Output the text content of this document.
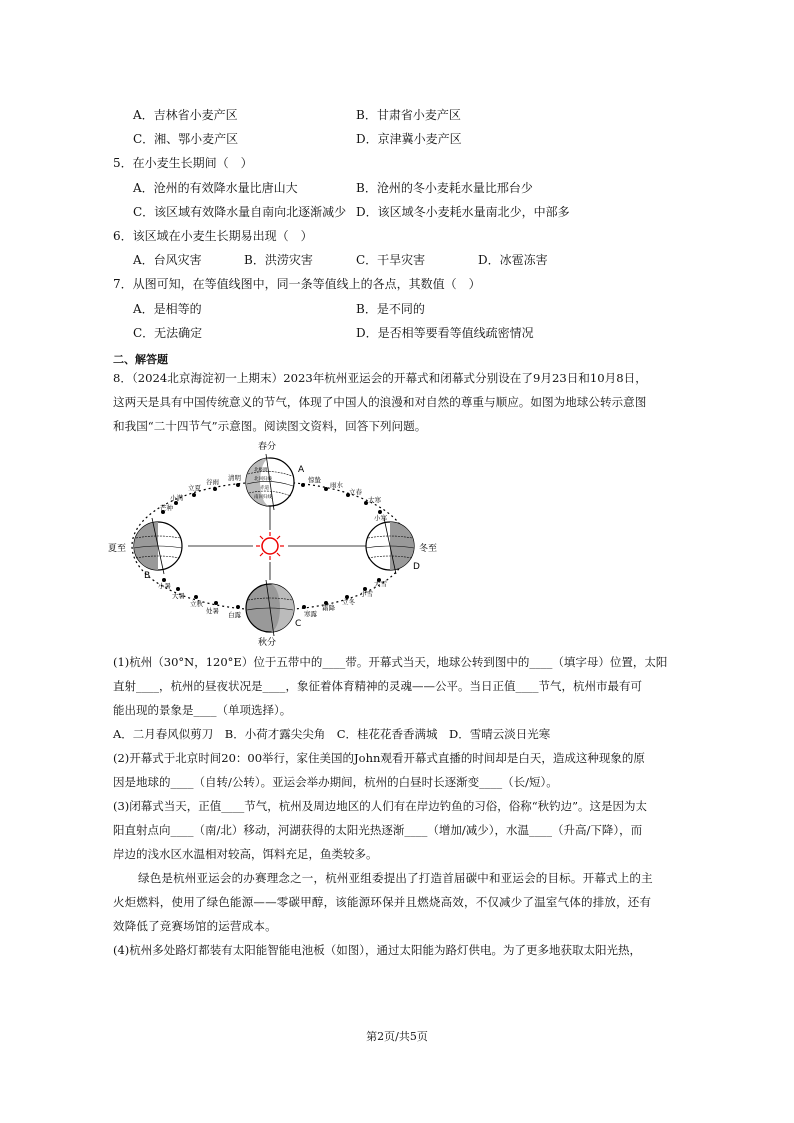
A．吉林省小麦产区	B．甘肃省小麦产区
C．湘、鄂小麦产区	D．京津冀小麦产区
5．在小麦生长期间（　）
A．沧州的有效降水量比唐山大	B．沧州的冬小麦耗水量比邢台少
C．该区域有效降水量自南向北逐渐减少 D．该区域冬小麦耗水量南北少，中部多
6．该区域在小麦生长期易出现（　）
A．台风灾害	B．洪涝灾害	C．干旱灾害	D．冰雹冻害
7．从图可知，在等值线图中，同一条等值线上的各点，其数值（　）
A．是相等的	B．是不同的
C．无法确定	D．是否相等要看等值线疏密情况
二、解答题
8．（2024北京海淀初一上期末）2023年杭州亚运会的开幕式和闭幕式分别设在了9月23日和10月8日，
这两天是具有中国传统意义的节气，体现了中国人的浪漫和对自然的尊重与顺应。如图为地球公转示意图
和我国“二十四节气”示意图。阅读图文资料，回答下列问题。
春分
A
夏至
B
冬至
D
秋分
C
北极圈
北回归线
赤道
南回归线
清明
谷雨
立夏
小满
芒种
惊蛰
雨水
立春
大寒
小寒
小暑
大暑
立秋
处暑 白露
大雪
小雪
立冬
霜降
寒露
(1)杭州（30°N，120°E）位于五带中的____带。开幕式当天，地球公转到图中的____（填字母）位置，太阳
直射____，杭州的昼夜状况是____，象征着体育精神的灵魂——公平。当日正值____节气，杭州市最有可
能出现的景象是____（单项选择）。
A．二月春风似剪刀　B．小荷才露尖尖角　C．桂花花香香满城　D．雪晴云淡日光寒
(2)开幕式于北京时间20：00举行，家住美国的John观看开幕式直播的时间却是白天，造成这种现象的原
因是地球的____（自转/公转）。亚运会举办期间，杭州的白昼时长逐渐变____（长/短）。
(3)闭幕式当天，正值____节气，杭州及周边地区的人们有在岸边钓鱼的习俗，俗称“秋钓边”。这是因为太
阳直射点向____（南/北）移动，河湖获得的太阳光热逐渐____（增加/减少），水温____（升高/下降），而
岸边的浅水区水温相对较高，饵料充足，鱼类较多。
绿色是杭州亚运会的办赛理念之一，杭州亚组委提出了打造首届碳中和亚运会的目标。开幕式上的主
火炬燃料，使用了绿色能源——零碳甲醇，该能源环保并且燃烧高效，不仅减少了温室气体的排放，还有
效降低了竞赛场馆的运营成本。
(4)杭州多处路灯都装有太阳能智能电池板（如图），通过太阳能为路灯供电。为了更多地获取太阳光热，
第2页/共5页
